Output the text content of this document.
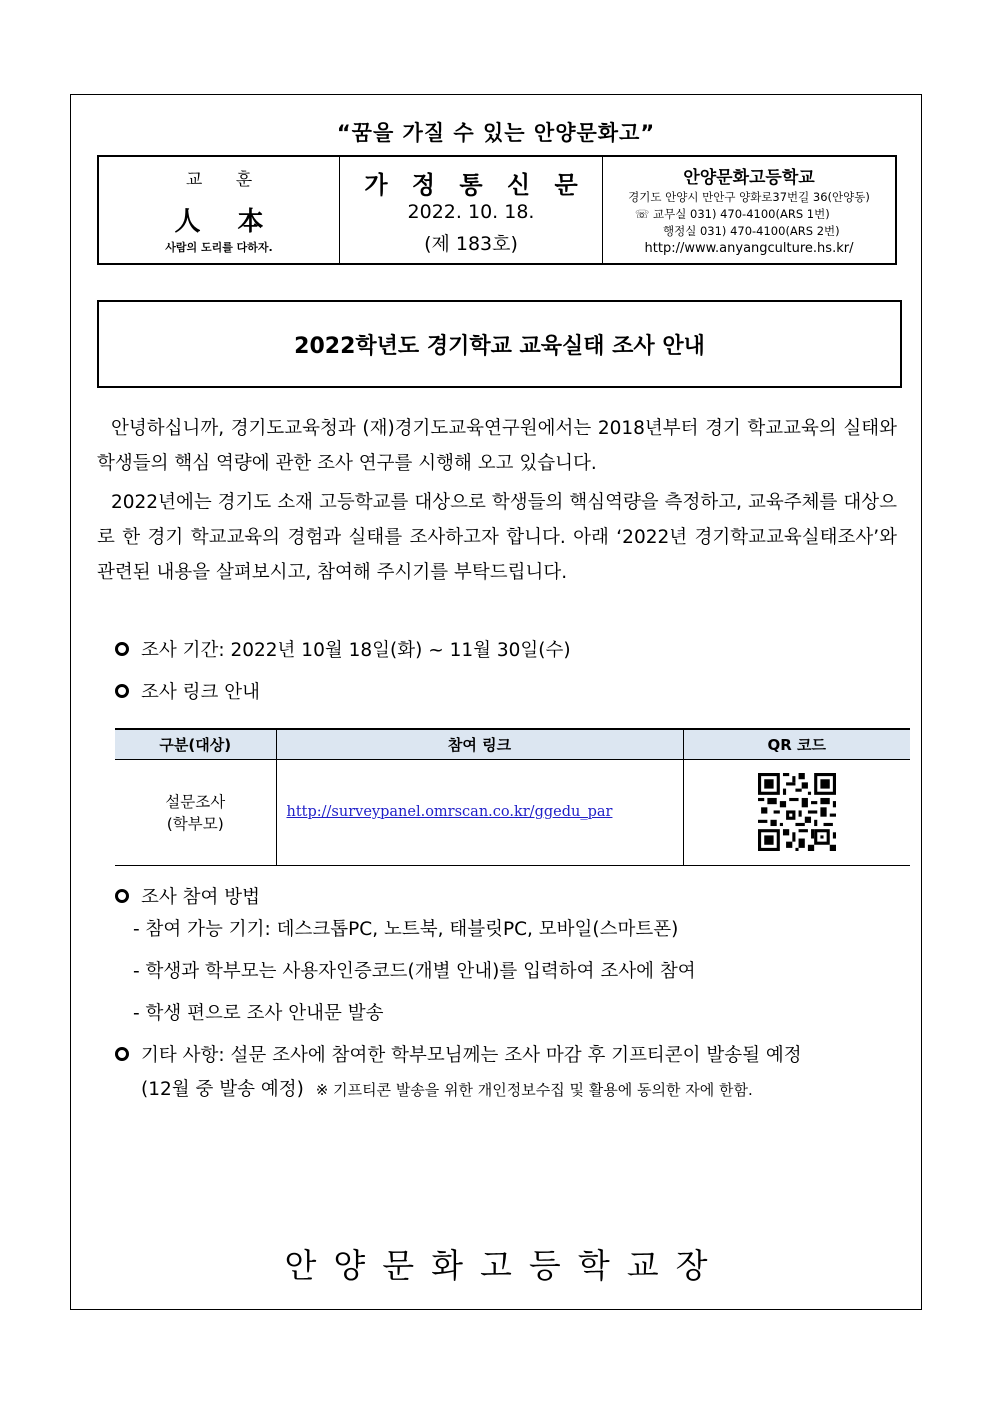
“꿈을 가질 수 있는 안양문화고”
교 훈
人 本
사람의 도리를 다하자.
가 정 통 신 문
2022. 10. 18.
(제 183호)
안양문화고등학교
경기도 안양시 만안구 양화로37번길 36(안양동)
☏ 교무실 031) 470-4100(ARS 1번)
행정실 031) 470-4100(ARS 2번)
http://www.anyangculture.hs.kr/
2022학년도 경기학교 교육실태 조사 안내
안녕하십니까, 경기도교육청과 (재)경기도교육연구원에서는 2018년부터 경기 학교교육의 실태와 학생들의 핵심 역량에 관한 조사 연구를 시행해 오고 있습니다.
2022년에는 경기도 소재 고등학교를 대상으로 학생들의 핵심역량을 측정하고, 교육주체를 대상으로 한 경기 학교교육의 경험과 실태를 조사하고자 합니다. 아래 ‘2022년 경기학교교육실태조사’와 관련된 내용을 살펴보시고, 참여해 주시기를 부탁드립니다.
조사 기간: 2022년 10월 18일(화) ~ 11월 30일(수)
조사 링크 안내
구분(대상)	참여 링크	QR 코드

설문조사
(학부모)	http://surveypanel.omrscan.co.kr/ggedu_par	
조사 참여 방법
- 참여 가능 기기: 데스크톱PC, 노트북, 태블릿PC, 모바일(스마트폰)
- 학생과 학부모는 사용자인증코드(개별 안내)를 입력하여 조사에 참여
- 학생 편으로 조사 안내문 발송
기타 사항: 설문 조사에 참여한 학부모님께는 조사 마감 후 기프티콘이 발송될 예정
(12월 중 발송 예정) ※ 기프티콘 발송을 위한 개인정보수집 및 활용에 동의한 자에 한함.
안양문화고등학교장
